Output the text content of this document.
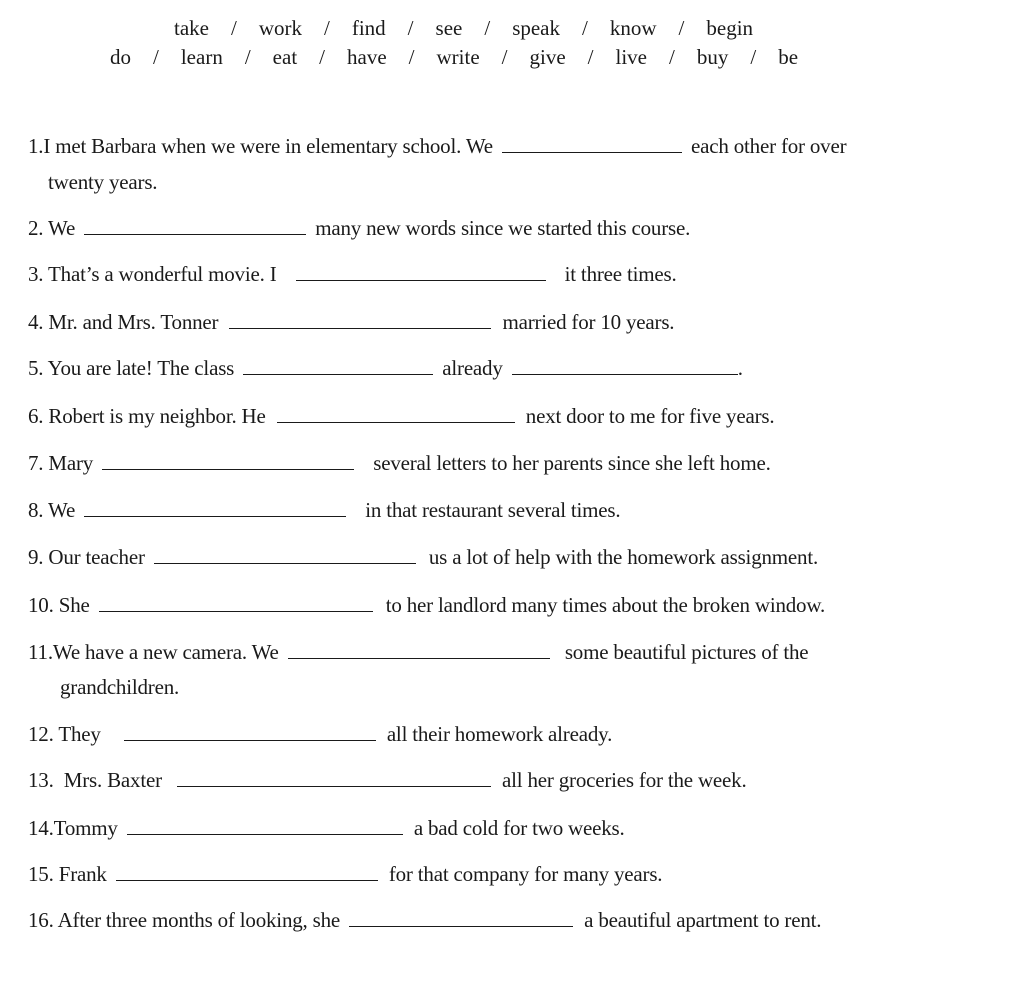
take / work / find / see / speak / know / begin
do / learn / eat / have / write / give / live / buy / be
1.I met Barbara when we were in elementary school. We	each other for over
twenty years.
2. We	many new words since we started this course.
3. That’s a wonderful movie. I	it three times.
4. Mr. and Mrs. Tonner	married for 10 years.
5. You are late! The class	already	.
6. Robert is my neighbor. He	next door to me for five years.
7. Mary	several letters to her parents since she left home.
8. We	in that restaurant several times.
9. Our teacher	us a lot of help with the homework assignment.
10. She	to her landlord many times about the broken window.
11.We have a new camera. We	some beautiful pictures of the
grandchildren.
12. They	all their homework already.
13. Mrs. Baxter	all her groceries for the week.
14.Tommy	a bad cold for two weeks.
15. Frank	for that company for many years.
16. After three months of looking, she	a beautiful apartment to rent.
